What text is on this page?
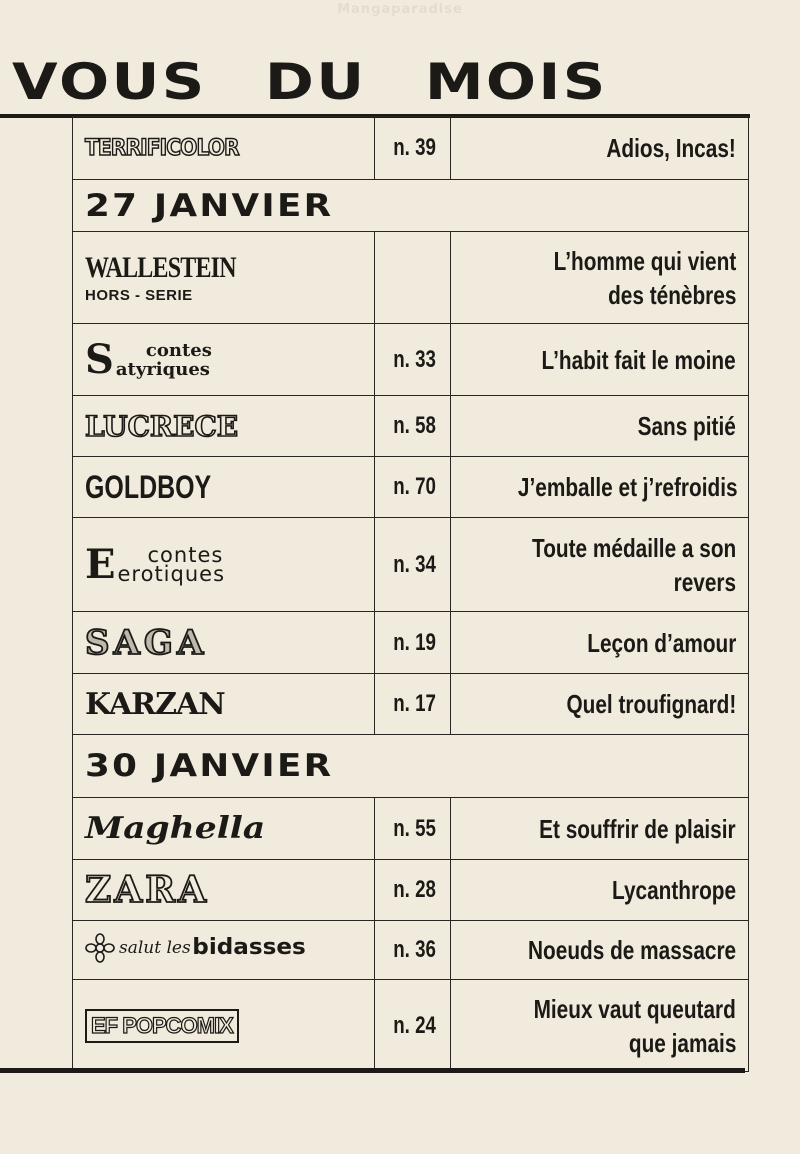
Mangaparadise
VOUS DU MOIS
TERRIFICOLOR	n. 39	Adios, Incas!
27 JANVIER		
WALLESTEIN
HORS - SERIE		L’homme qui vient
des ténèbres

S contes
atyriques	n. 33	L’habit fait le moine
LUCRECE	n. 58	Sans pitié
GOLDBOY	n. 70	J’emballe et j’refroidis

E contes
erotiques	n. 34	Toute médaille a son
revers
SAGA	n. 19	Leçon d’amour
KARZAN	n. 17	Quel troufignard!
30 JANVIER		
Maghella	n. 55	Et souffrir de plaisir
ZARA	n. 28	Lycanthrope

salut les bidasses	n. 36	Noeuds de massacre
EF POPCOMIX	n. 24	Mieux vaut queutard
que jamais
